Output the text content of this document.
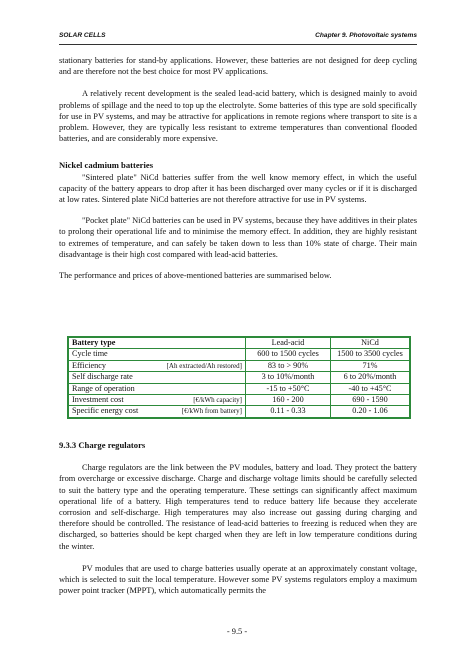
SOLAR CELLS	Chapter 9. Photovoltaic systems

stationary batteries for stand-by applications. However, these batteries are not designed for deep cycling and are therefore not the best choice for most PV applications.

A relatively recent development is the sealed lead-acid battery, which is designed mainly to avoid problems of spillage and the need to top up the electrolyte. Some batteries of this type are sold specifically for use in PV systems, and may be attractive for applications in remote regions where transport to site is a problem. However, they are typically less resistant to extreme temperatures than conventional flooded batteries, and are considerably more expensive.

Nickel cadmium batteries

"Sintered plate" NiCd batteries suffer from the well know memory effect, in which the useful capacity of the battery appears to drop after it has been discharged over many cycles or if it is discharged at low rates. Sintered plate NiCd batteries are not therefore attractive for use in PV systems.

"Pocket plate" NiCd batteries can be used in PV systems, because they have additives in their plates to prolong their operational life and to minimise the memory effect. In addition, they are highly resistant to extremes of temperature, and can safely be taken down to less than 10% state of charge. Their main disadvantage is their high cost compared with lead-acid batteries.

The performance and prices of above-mentioned batteries are summarised below.

Battery type	Lead-acid	NiCd
Cycle time	600 to 1500 cycles	1500 to 3500 cycles
Efficiency [Ah extracted/Ah restored]	83 to > 90%	71%
Self discharge rate	3 to 10%/month	6 to 20%/month
Range of operation	-15 to +50°C	-40 to +45°C
Investment cost [€/kWh capacity]	160 - 200	690 - 1590
Specific energy cost [€/kWh from battery]	0.11 - 0.33	0.20 - 1.06

9.3.3 Charge regulators

Charge regulators are the link between the PV modules, battery and load. They protect the battery from overcharge or excessive discharge. Charge and discharge voltage limits should be carefully selected to suit the battery type and the operating temperature. These settings can significantly affect maximum operational life of a battery. High temperatures tend to reduce battery life because they accelerate corrosion and self-discharge. High temperatures may also increase out gassing during charging and therefore should be controlled. The resistance of lead-acid batteries to freezing is reduced when they are discharged, so batteries should be kept charged when they are left in low temperature conditions during the winter.

PV modules that are used to charge batteries usually operate at an approximately constant voltage, which is selected to suit the local temperature. However some PV systems regulators employ a maximum power point tracker (MPPT), which automatically permits the

- 9.5 -
